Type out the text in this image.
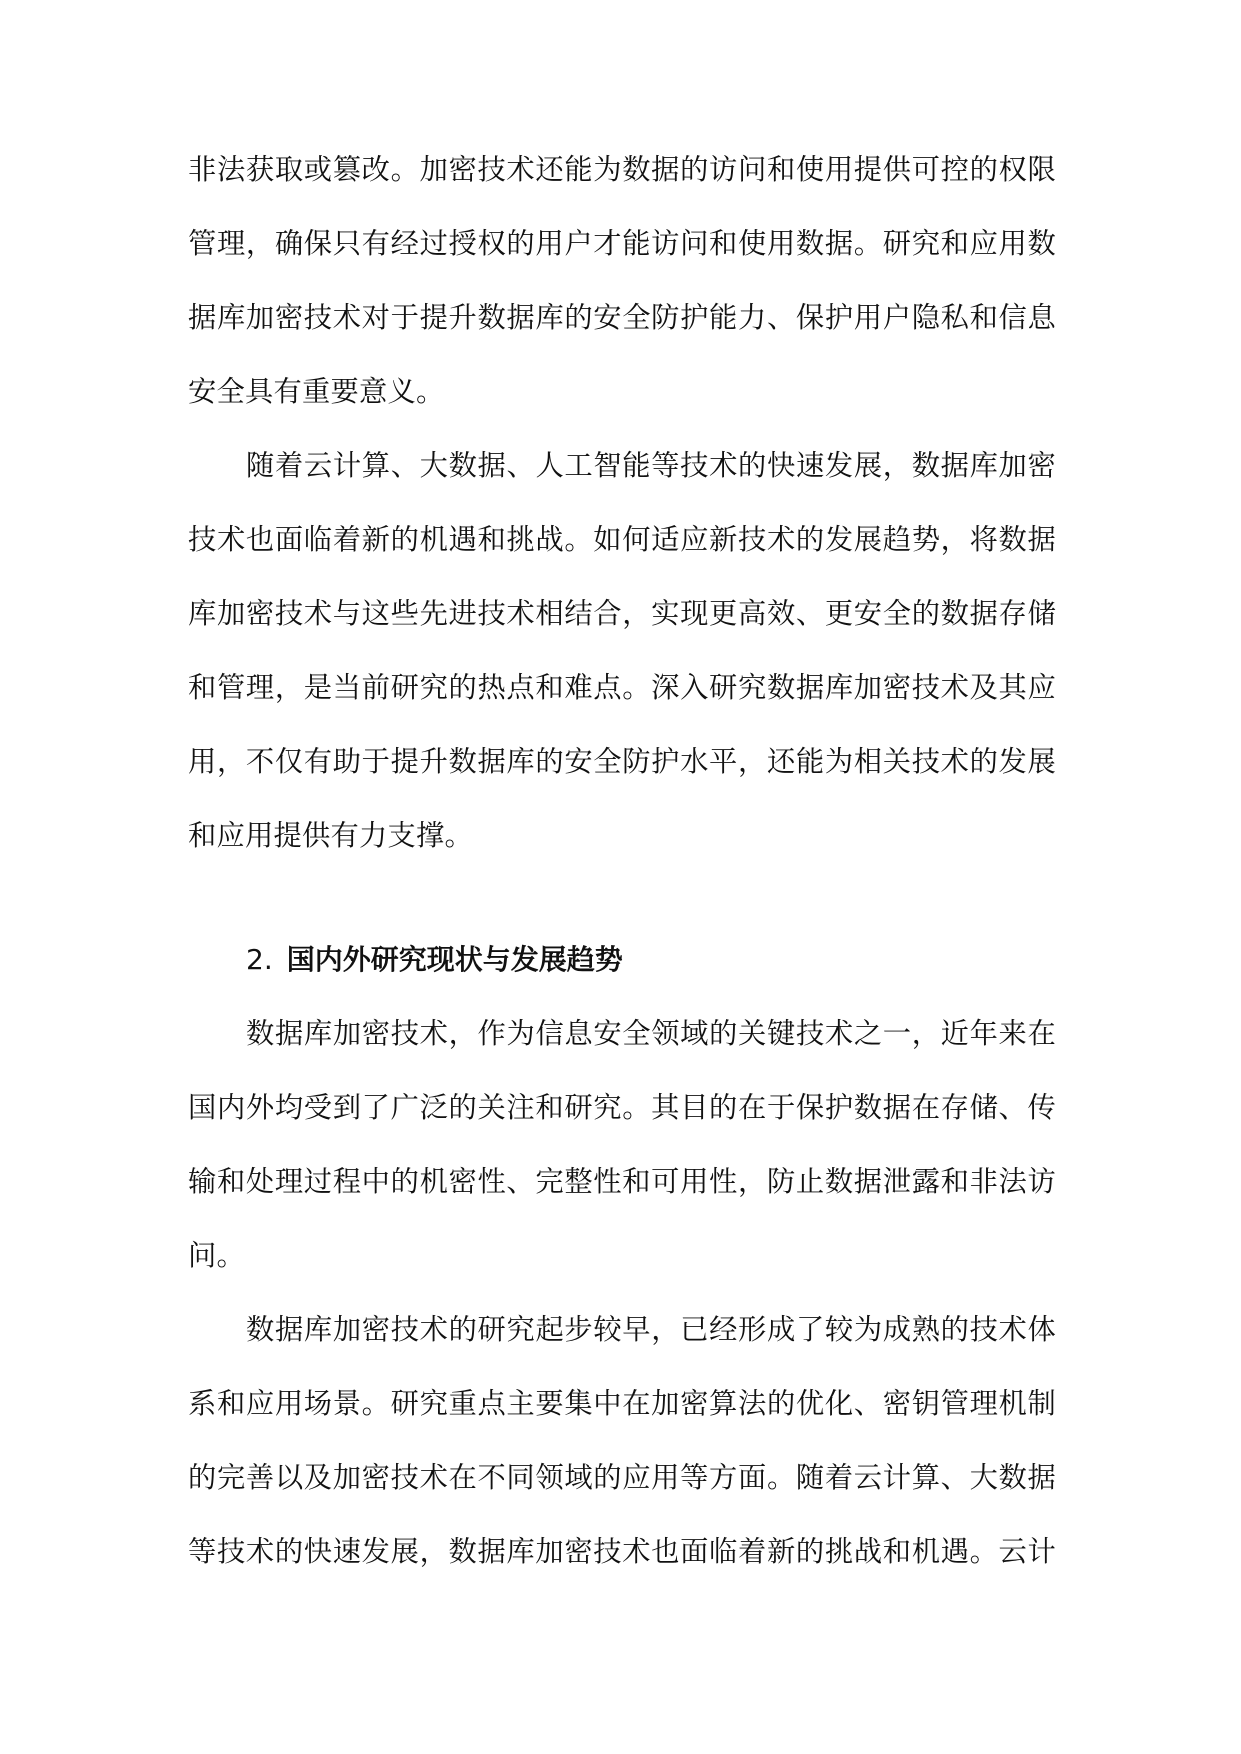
非法获取或篡改。加密技术还能为数据的访问和使用提供可控的权限
管理，确保只有经过授权的用户才能访问和使用数据。研究和应用数
据库加密技术对于提升数据库的安全防护能力、保护用户隐私和信息
安全具有重要意义。
随着云计算、大数据、人工智能等技术的快速发展，数据库加密
技术也面临着新的机遇和挑战。如何适应新技术的发展趋势，将数据
库加密技术与这些先进技术相结合，实现更高效、更安全的数据存储
和管理，是当前研究的热点和难点。深入研究数据库加密技术及其应
用，不仅有助于提升数据库的安全防护水平，还能为相关技术的发展
和应用提供有力支撑。
2. 国内外研究现状与发展趋势
数据库加密技术，作为信息安全领域的关键技术之一，近年来在
国内外均受到了广泛的关注和研究。其目的在于保护数据在存储、传
输和处理过程中的机密性、完整性和可用性，防止数据泄露和非法访
问。
数据库加密技术的研究起步较早，已经形成了较为成熟的技术体
系和应用场景。研究重点主要集中在加密算法的优化、密钥管理机制
的完善以及加密技术在不同领域的应用等方面。随着云计算、大数据
等技术的快速发展，数据库加密技术也面临着新的挑战和机遇。云计
